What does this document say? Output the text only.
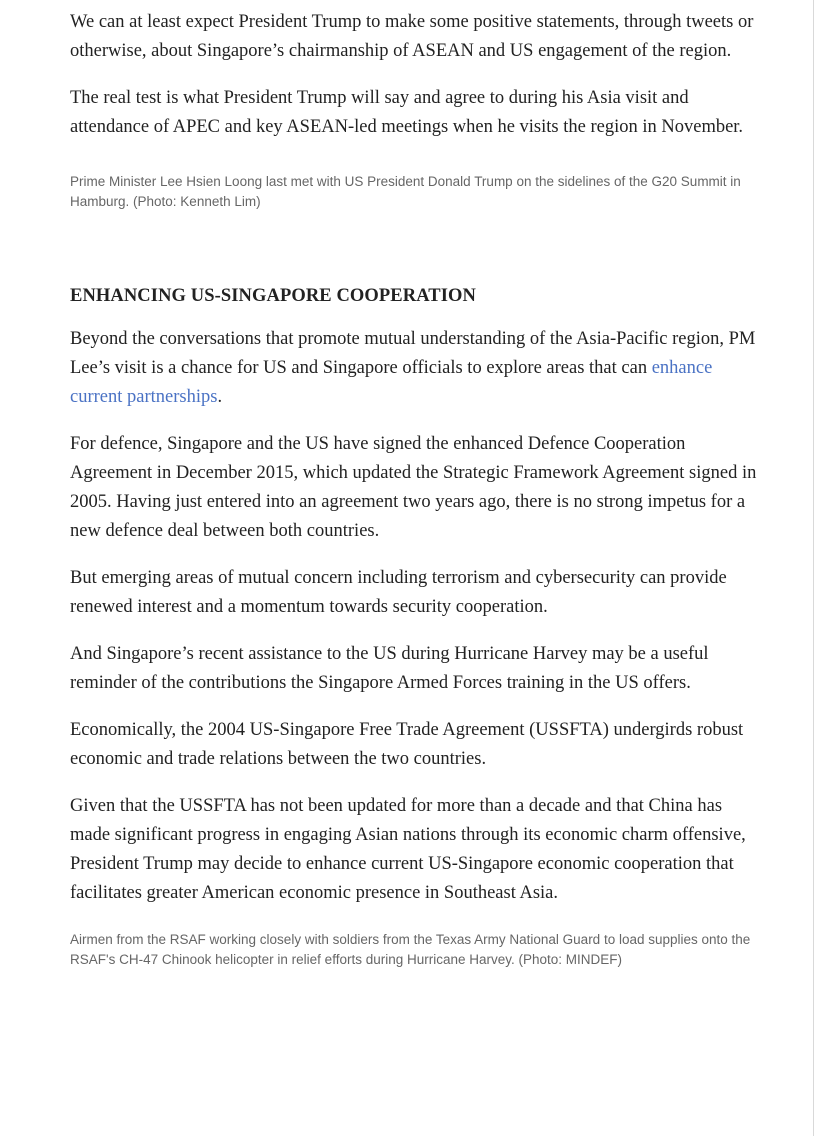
We can at least expect President Trump to make some positive statements, through tweets or otherwise, about Singapore’s chairmanship of ASEAN and US engagement of the region.

The real test is what President Trump will say and agree to during his Asia visit and attendance of APEC and key ASEAN-led meetings when he visits the region in November.

Prime Minister Lee Hsien Loong last met with US President Donald Trump on the sidelines of the G20 Summit in Hamburg. (Photo: Kenneth Lim)

ENHANCING US-SINGAPORE COOPERATION

Beyond the conversations that promote mutual understanding of the Asia-Pacific region, PM Lee’s visit is a chance for US and Singapore officials to explore areas that can enhance current partnerships.

For defence, Singapore and the US have signed the enhanced Defence Cooperation Agreement in December 2015, which updated the Strategic Framework Agreement signed in 2005. Having just entered into an agreement two years ago, there is no strong impetus for a new defence deal between both countries.

But emerging areas of mutual concern including terrorism and cybersecurity can provide renewed interest and a momentum towards security cooperation.

And Singapore’s recent assistance to the US during Hurricane Harvey may be a useful reminder of the contributions the Singapore Armed Forces training in the US offers.

Economically, the 2004 US-Singapore Free Trade Agreement (USSFTA) undergirds robust economic and trade relations between the two countries.

Given that the USSFTA has not been updated for more than a decade and that China has made significant progress in engaging Asian nations through its economic charm offensive, President Trump may decide to enhance current US-Singapore economic cooperation that facilitates greater American economic presence in Southeast Asia.

Airmen from the RSAF working closely with soldiers from the Texas Army National Guard to load supplies onto the RSAF's CH-47 Chinook helicopter in relief efforts during Hurricane Harvey. (Photo: MINDEF)
